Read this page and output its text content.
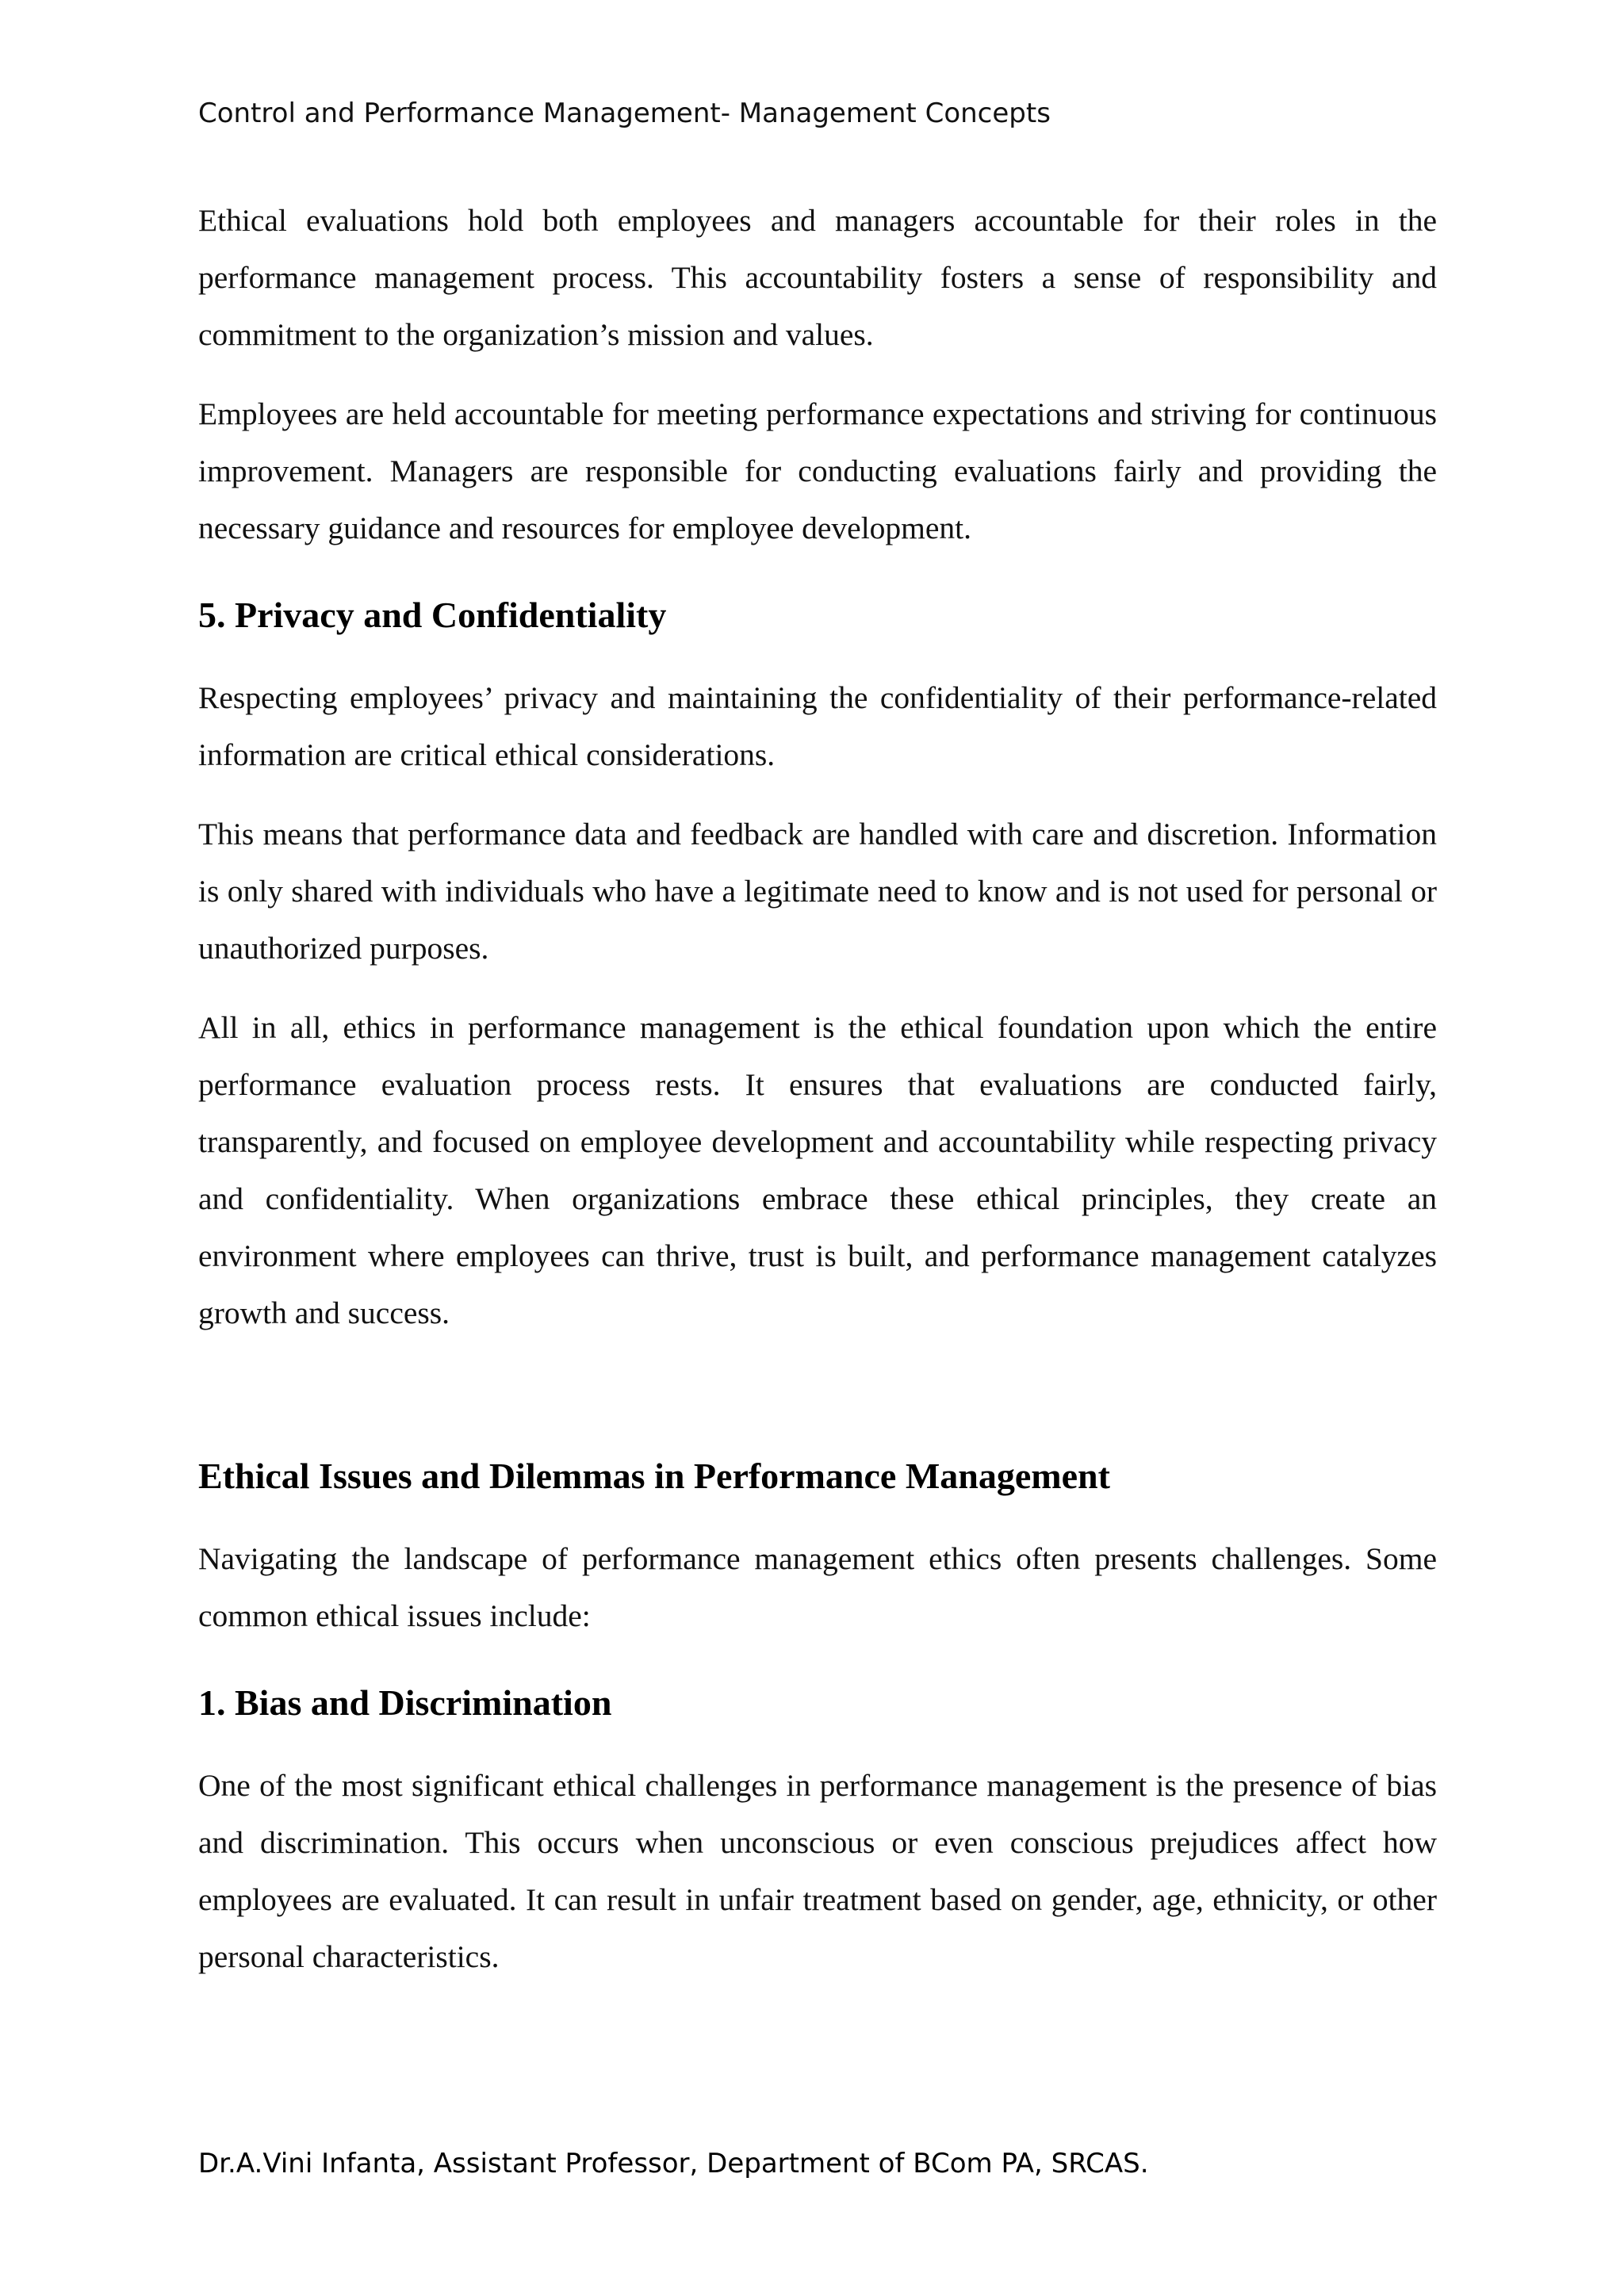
Control and Performance Management- Management Concepts

Ethical evaluations hold both employees and managers accountable for their roles in the performance management process. This accountability fosters a sense of responsibility and commitment to the organization’s mission and values.

Employees are held accountable for meeting performance expectations and striving for continuous improvement. Managers are responsible for conducting evaluations fairly and providing the necessary guidance and resources for employee development.

5. Privacy and Confidentiality

Respecting employees’ privacy and maintaining the confidentiality of their performance-related information are critical ethical considerations.

This means that performance data and feedback are handled with care and discretion. Information is only shared with individuals who have a legitimate need to know and is not used for personal or unauthorized purposes.

All in all, ethics in performance management is the ethical foundation upon which the entire performance evaluation process rests. It ensures that evaluations are conducted fairly, transparently, and focused on employee development and accountability while respecting privacy and confidentiality. When organizations embrace these ethical principles, they create an environment where employees can thrive, trust is built, and performance management catalyzes growth and success.

Ethical Issues and Dilemmas in Performance Management

Navigating the landscape of performance management ethics often presents challenges. Some common ethical issues include:

1. Bias and Discrimination

One of the most significant ethical challenges in performance management is the presence of bias and discrimination. This occurs when unconscious or even conscious prejudices affect how employees are evaluated. It can result in unfair treatment based on gender, age, ethnicity, or other personal characteristics.

Dr.A.Vini Infanta, Assistant Professor, Department of BCom PA, SRCAS.
